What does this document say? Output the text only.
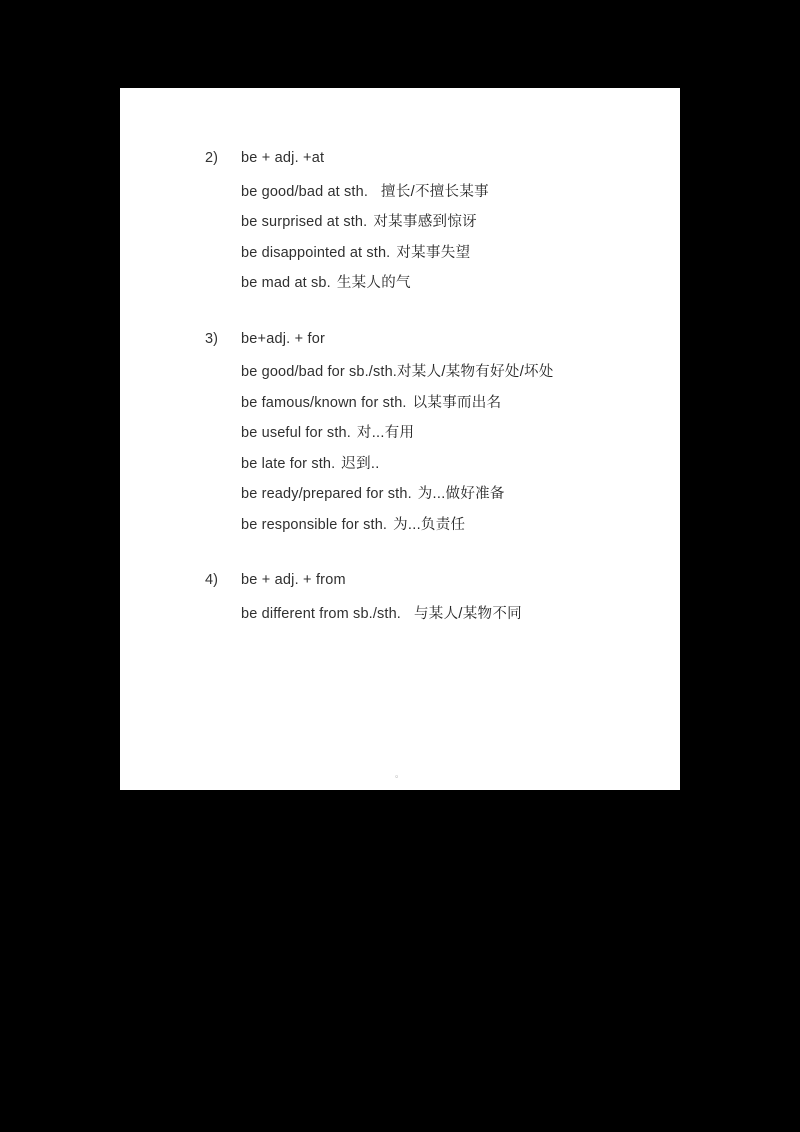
2)	be + adj. +at
be good/bad at sth. 擅长/不擅长某事
be surprised at sth. 对某事感到惊讶
be disappointed at sth. 对某事失望
be mad at sb. 生某人的气
3)	be+adj. + for
be good/bad for sb./sth. 对某人/某物有好处/坏处
be famous/known for sth. 以某事而出名
be useful for sth. 对...有用
be late for sth. 迟到..
be ready/prepared for sth. 为...做好准备
be responsible for sth. 为...负责任
4)	be + adj. + from
be different from sb./sth. 与某人/某物不同
。
